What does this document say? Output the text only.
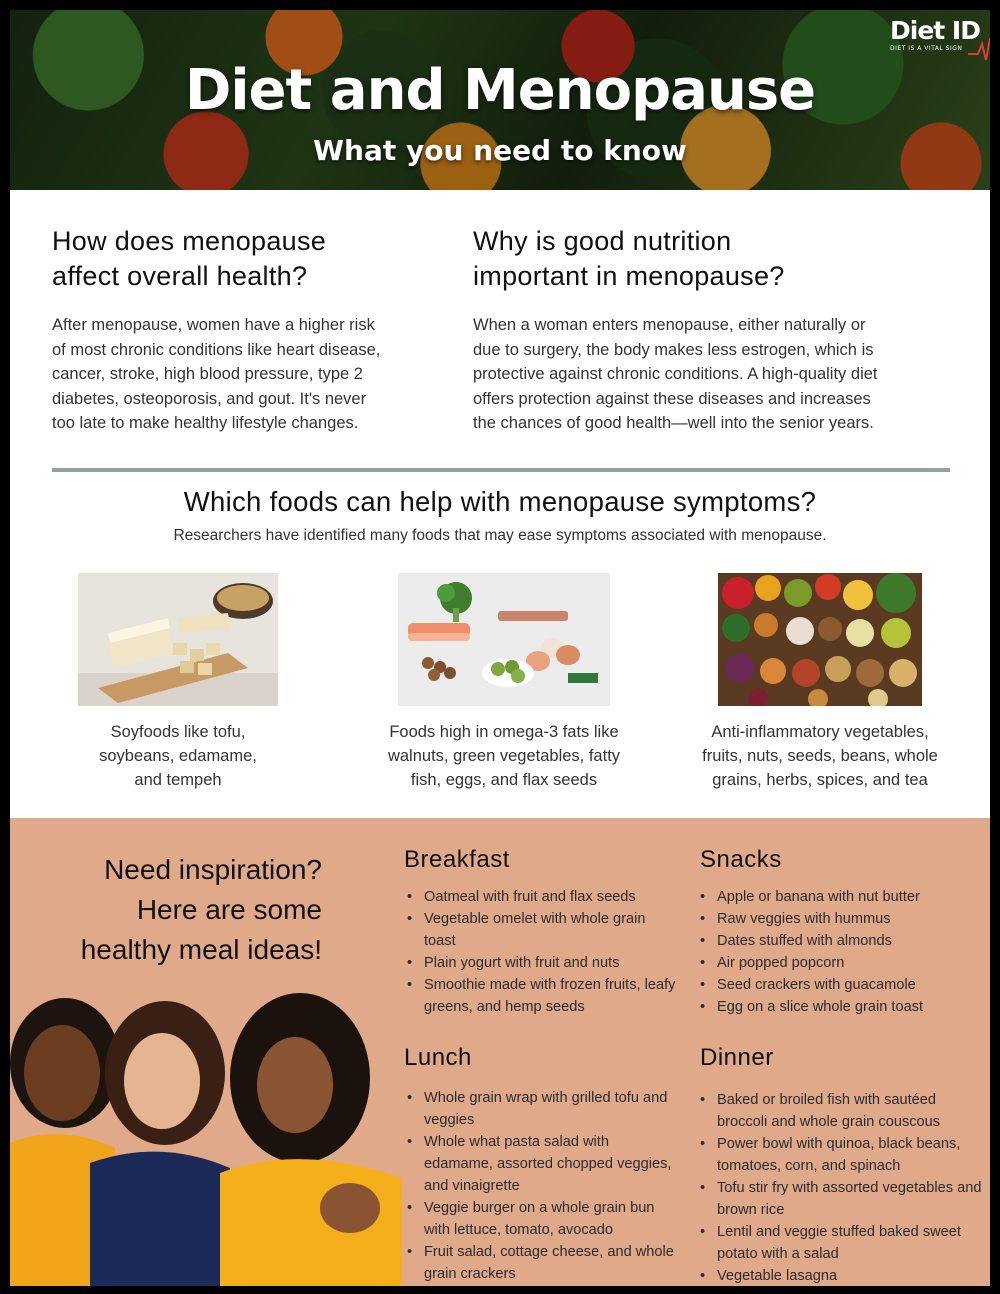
Diet and Menopause
What you need to know
Diet ID
DIET IS A VITAL SIGN
How does menopause
affect overall health?
After menopause, women have a higher risk
of most chronic conditions like heart disease,
cancer, stroke, high blood pressure, type 2
diabetes, osteoporosis, and gout. It's never
too late to make healthy lifestyle changes.
Why is good nutrition
important in menopause?
When a woman enters menopause, either naturally or
due to surgery, the body makes less estrogen, which is
protective against chronic conditions. A high-quality diet
offers protection against these diseases and increases
the chances of good health—well into the senior years.
Which foods can help with menopause symptoms?
Researchers have identified many foods that may ease symptoms associated with menopause.
Soyfoods like tofu,
soybeans, edamame,
and tempeh
Foods high in omega-3 fats like
walnuts, green vegetables, fatty
fish, eggs, and flax seeds
Anti-inflammatory vegetables,
fruits, nuts, seeds, beans, whole
grains, herbs, spices, and tea
Need inspiration?
Here are some
healthy meal ideas!
Breakfast
• Oatmeal with fruit and flax seeds
• Vegetable omelet with whole grain toast
• Plain yogurt with fruit and nuts
• Smoothie made with frozen fruits, leafy greens, and hemp seeds
Snacks
• Apple or banana with nut butter
• Raw veggies with hummus
• Dates stuffed with almonds
• Air popped popcorn
• Seed crackers with guacamole
• Egg on a slice whole grain toast
Lunch
• Whole grain wrap with grilled tofu and veggies
• Whole what pasta salad with edamame, assorted chopped veggies, and vinaigrette
• Veggie burger on a whole grain bun with lettuce, tomato, avocado
• Fruit salad, cottage cheese, and whole grain crackers
Dinner
• Baked or broiled fish with sautéed broccoli and whole grain couscous
• Power bowl with quinoa, black beans, tomatoes, corn, and spinach
• Tofu stir fry with assorted vegetables and brown rice
• Lentil and veggie stuffed baked sweet potato with a salad
• Vegetable lasagna
